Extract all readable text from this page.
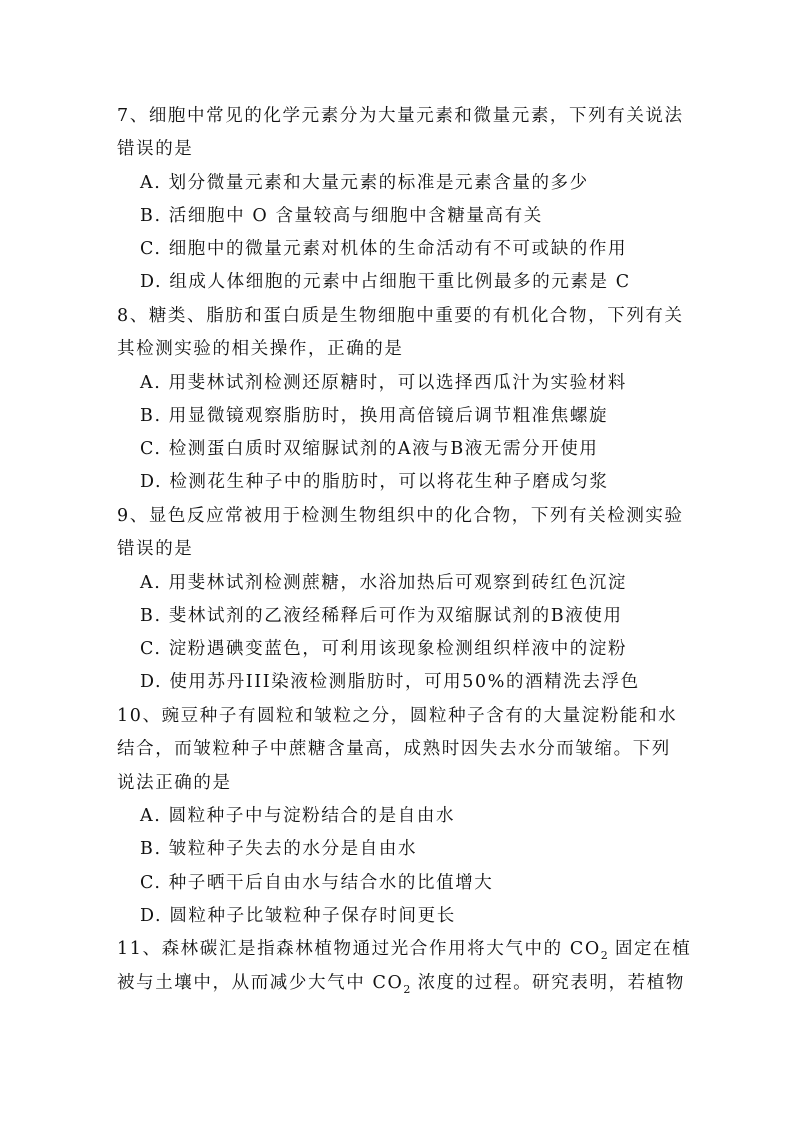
7、细胞中常见的化学元素分为大量元素和微量元素，下列有关说法
错误的是
A. 划分微量元素和大量元素的标准是元素含量的多少
B. 活细胞中 O 含量较高与细胞中含糖量高有关
C. 细胞中的微量元素对机体的生命活动有不可或缺的作用
D. 组成人体细胞的元素中占细胞干重比例最多的元素是 C
8、糖类、脂肪和蛋白质是生物细胞中重要的有机化合物，下列有关
其检测实验的相关操作，正确的是
A. 用斐林试剂检测还原糖时，可以选择西瓜汁为实验材料
B. 用显微镜观察脂肪时，换用高倍镜后调节粗准焦螺旋
C. 检测蛋白质时双缩脲试剂的A液与B液无需分开使用
D. 检测花生种子中的脂肪时，可以将花生种子磨成匀浆
9、显色反应常被用于检测生物组织中的化合物，下列有关检测实验
错误的是
A. 用斐林试剂检测蔗糖，水浴加热后可观察到砖红色沉淀
B. 斐林试剂的乙液经稀释后可作为双缩脲试剂的B液使用
C. 淀粉遇碘变蓝色，可利用该现象检测组织样液中的淀粉
D. 使用苏丹III染液检测脂肪时，可用50%的酒精洗去浮色
10、豌豆种子有圆粒和皱粒之分，圆粒种子含有的大量淀粉能和水
结合，而皱粒种子中蔗糖含量高，成熟时因失去水分而皱缩。下列
说法正确的是
A. 圆粒种子中与淀粉结合的是自由水
B. 皱粒种子失去的水分是自由水
C. 种子晒干后自由水与结合水的比值增大
D. 圆粒种子比皱粒种子保存时间更长
11、森林碳汇是指森林植物通过光合作用将大气中的 $CO_2$ 固定在植
被与土壤中，从而减少大气中 $CO_2$ 浓度的过程。研究表明，若植物
